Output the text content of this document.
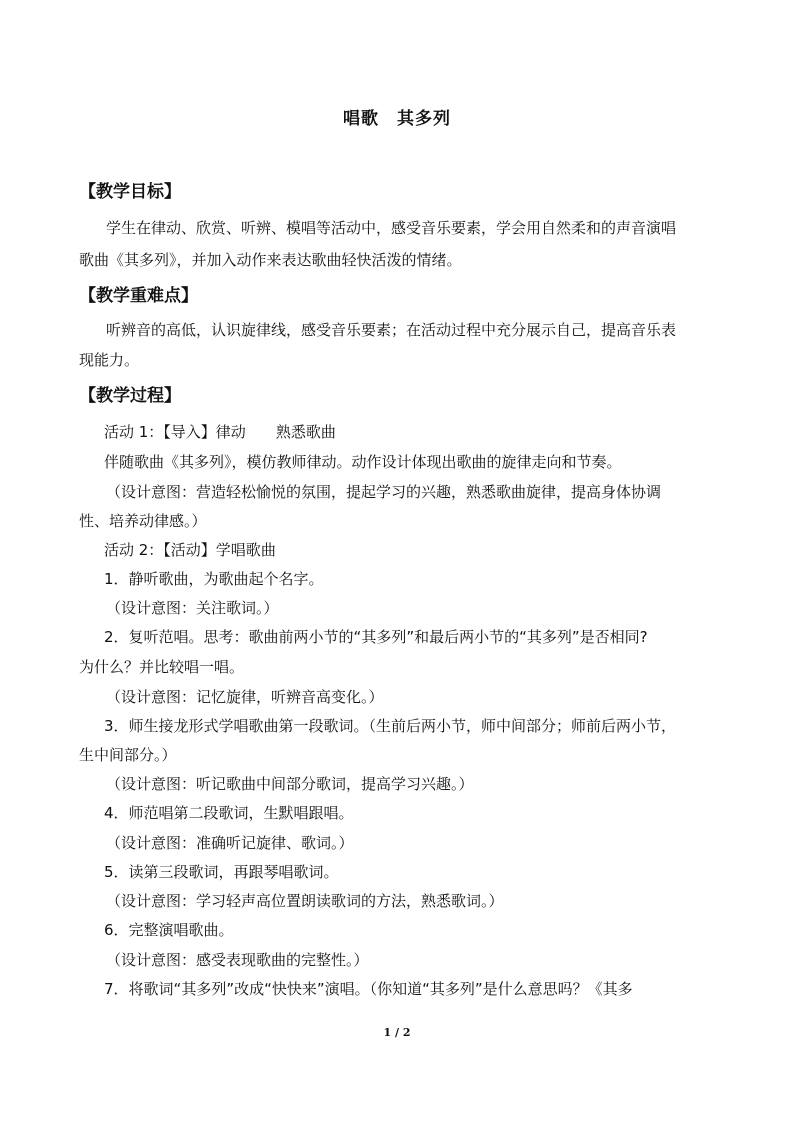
唱歌　其多列
【教学目标】
学生在律动、欣赏、听辨、模唱等活动中，感受音乐要素，学会用自然柔和的声音演唱
歌曲《其多列》，并加入动作来表达歌曲轻快活泼的情绪。
【教学重难点】
听辨音的高低，认识旋律线，感受音乐要素；在活动过程中充分展示自己，提高音乐表
现能力。
【教学过程】
活动 1：【导入】律动　　熟悉歌曲
伴随歌曲《其多列》，模仿教师律动。动作设计体现出歌曲的旋律走向和节奏。
（设计意图：营造轻松愉悦的氛围，提起学习的兴趣，熟悉歌曲旋律，提高身体协调
性、培养动律感。）
活动 2：【活动】学唱歌曲
1．静听歌曲，为歌曲起个名字。
（设计意图：关注歌词。）
2．复听范唱。思考：歌曲前两小节的“其多列”和最后两小节的“其多列”是否相同?
为什么？并比较唱一唱。
（设计意图：记忆旋律，听辨音高变化。）
3．师生接龙形式学唱歌曲第一段歌词。（生前后两小节，师中间部分；师前后两小节，
生中间部分。）
（设计意图：听记歌曲中间部分歌词，提高学习兴趣。）
4．师范唱第二段歌词，生默唱跟唱。
（设计意图：准确听记旋律、歌词。）
5．读第三段歌词，再跟琴唱歌词。
（设计意图：学习轻声高位置朗读歌词的方法，熟悉歌词。）
6．完整演唱歌曲。
（设计意图：感受表现歌曲的完整性。）
7．将歌词“其多列”改成“快快来”演唱。（你知道“其多列”是什么意思吗？《其多
1 / 2
